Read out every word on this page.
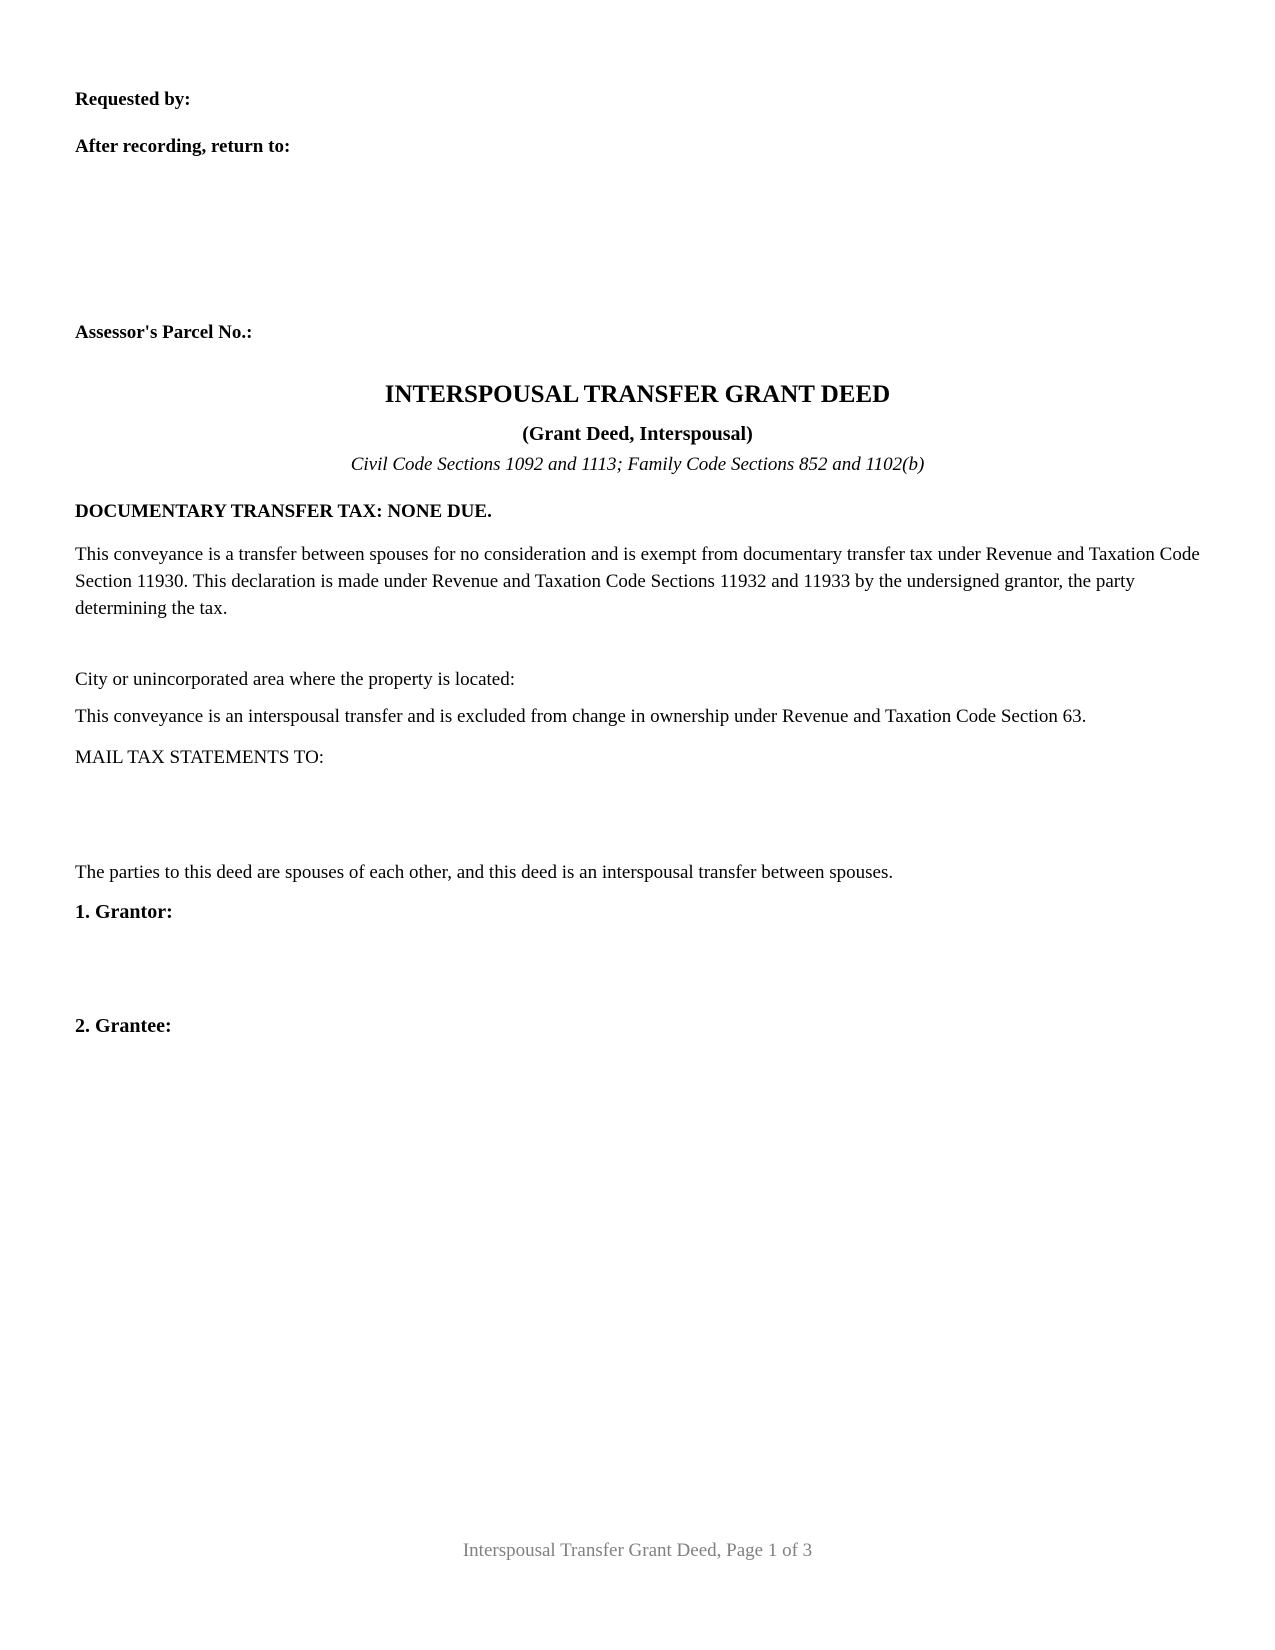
Requested by:
After recording, return to:
Assessor's Parcel No.:
INTERSPOUSAL TRANSFER GRANT DEED
(Grant Deed, Interspousal)
Civil Code Sections 1092 and 1113; Family Code Sections 852 and 1102(b)
DOCUMENTARY TRANSFER TAX: NONE DUE.
This conveyance is a transfer between spouses for no consideration and is exempt from documentary transfer tax under Revenue and Taxation Code Section 11930. This declaration is made under Revenue and Taxation Code Sections 11932 and 11933 by the undersigned grantor, the party determining the tax.
City or unincorporated area where the property is located:
This conveyance is an interspousal transfer and is excluded from change in ownership under Revenue and Taxation Code Section 63.
MAIL TAX STATEMENTS TO:
The parties to this deed are spouses of each other, and this deed is an interspousal transfer between spouses.
1. Grantor:
2. Grantee:
Interspousal Transfer Grant Deed, Page 1 of 3
